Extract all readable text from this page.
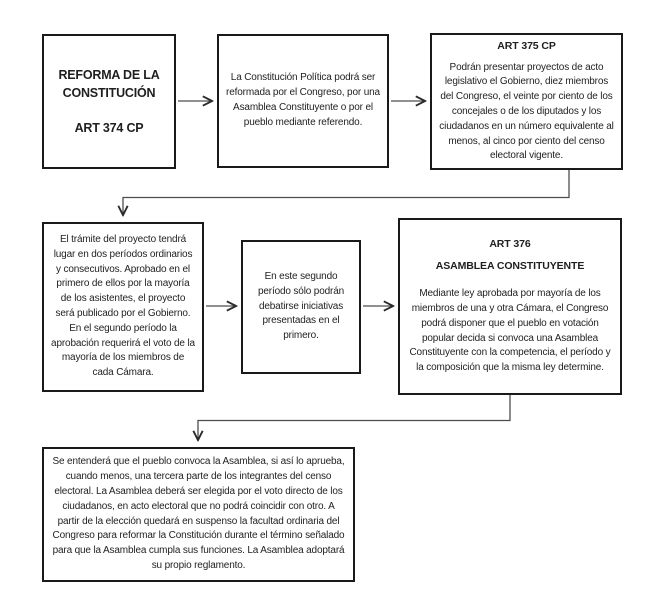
REFORMA DE LA CONSTITUCIÓN
ART 374 CP
La Constitución Política podrá ser reformada por el Congreso, por una Asamblea Constituyente o por el pueblo mediante referendo.
ART 375 CP
Podrán presentar proyectos de acto legislativo el Gobierno, diez miembros del Congreso, el veinte por ciento de los concejales o de los diputados y los ciudadanos en un número equivalente al menos, al cinco por ciento del censo electoral vigente.
El trámite del proyecto tendrá lugar en dos períodos ordinarios y consecutivos. Aprobado en el primero de ellos por la mayoría de los asistentes, el proyecto será publicado por el Gobierno. En el segundo período la aprobación requerirá el voto de la mayoría de los miembros de cada Cámara.
En este segundo período sólo podrán debatirse iniciativas presentadas en el primero.
ART 376
ASAMBLEA CONSTITUYENTE
Mediante ley aprobada por mayoría de los miembros de una y otra Cámara, el Congreso podrá disponer que el pueblo en votación popular decida si convoca una Asamblea Constituyente con la competencia, el período y la composición que la misma ley determine.
Se entenderá que el pueblo convoca la Asamblea, si así lo aprueba, cuando menos, una tercera parte de los integrantes del censo electoral. La Asamblea deberá ser elegida por el voto directo de los ciudadanos, en acto electoral que no podrá coincidir con otro. A partir de la elección quedará en suspenso la facultad ordinaria del Congreso para reformar la Constitución durante el término señalado para que la Asamblea cumpla sus funciones. La Asamblea adoptará su propio reglamento.
